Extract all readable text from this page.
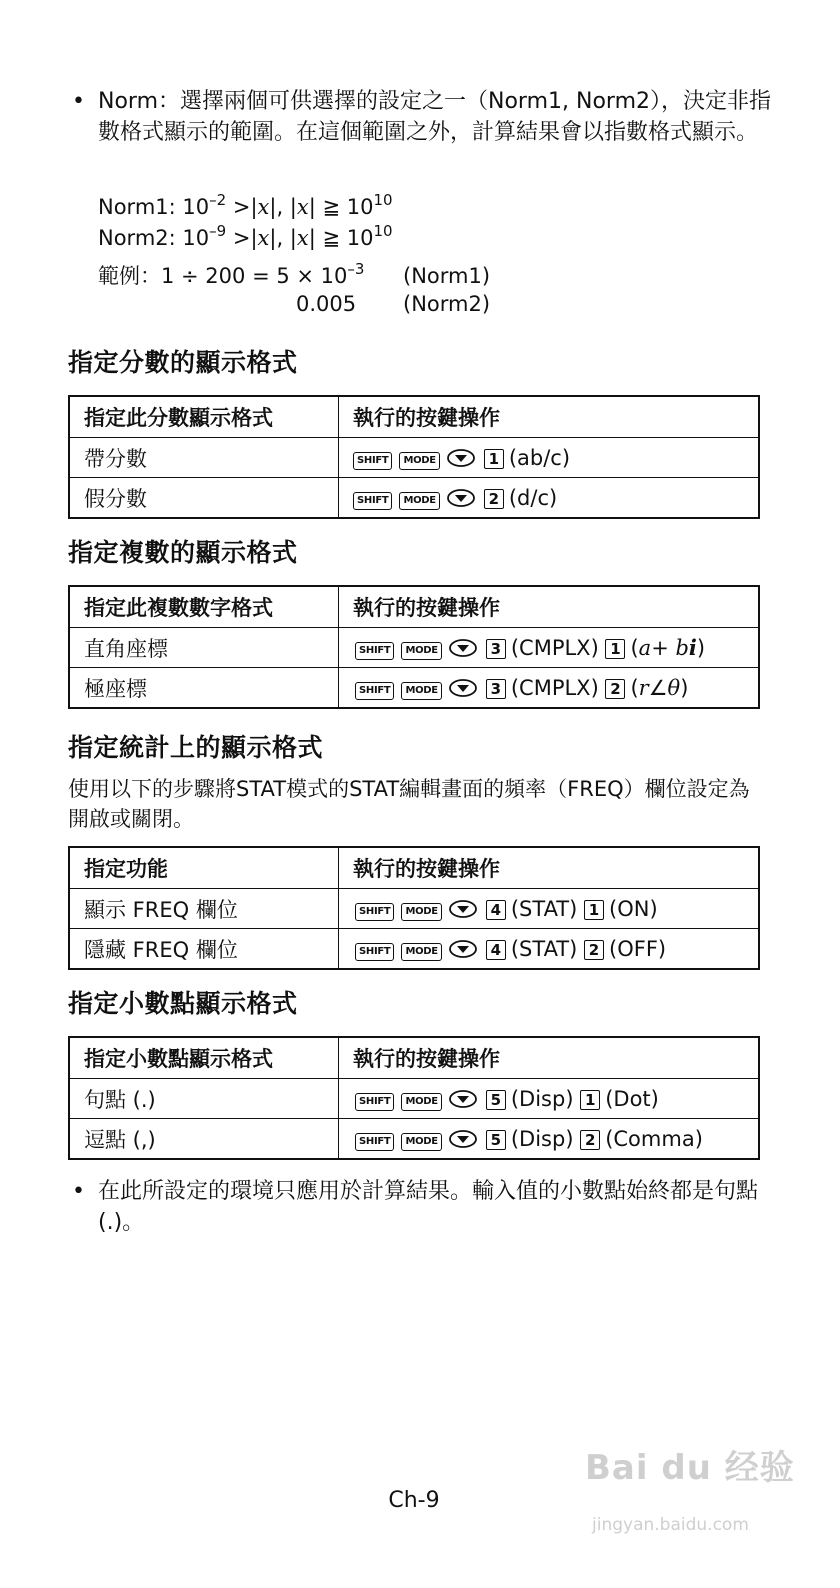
• Norm：選擇兩個可供選擇的設定之一（Norm1, Norm2），決定非指數格式顯示的範圍。在這個範圍之外，計算結果會以指數格式顯示。
Norm1: $10^{-2} >|x|$, |x| ≧ $10^{10}$
Norm2: $10^{-9} >|x|$, |x| ≧ $10^{10}$
範例：$1 \div 200 = 5 \times 10^{-3}$ (Norm1)
0.005 (Norm2)
指定分數的顯示格式
指定此分數顯示格式	執行的按鍵操作
帶分數	SHIFT MODE 1 (ab/c)
假分數	SHIFT MODE 2 (d/c)
指定複數的顯示格式
指定此複數數字格式	執行的按鍵操作
直角座標	SHIFT MODE 3 (CMPLX) 1 (a+ bi)
極座標	SHIFT MODE 3 (CMPLX) 2 (r∠θ)
指定統計上的顯示格式
使用以下的步驟將STAT模式的STAT編輯畫面的頻率（FREQ）欄位設定為開啟或關閉。
指定功能	執行的按鍵操作
顯示 FREQ 欄位	SHIFT MODE 4 (STAT) 1 (ON)
隱藏 FREQ 欄位	SHIFT MODE 4 (STAT) 2 (OFF)
指定小數點顯示格式
指定小數點顯示格式	執行的按鍵操作
句點 (.)	SHIFT MODE 5 (Disp) 1 (Dot)
逗點 (,)	SHIFT MODE 5 (Disp) 2 (Comma)
• 在此所設定的環境只應用於計算結果。輸入值的小數點始終都是句點(.)。
Ch-9
Bai du 经验
jingyan.baidu.com
